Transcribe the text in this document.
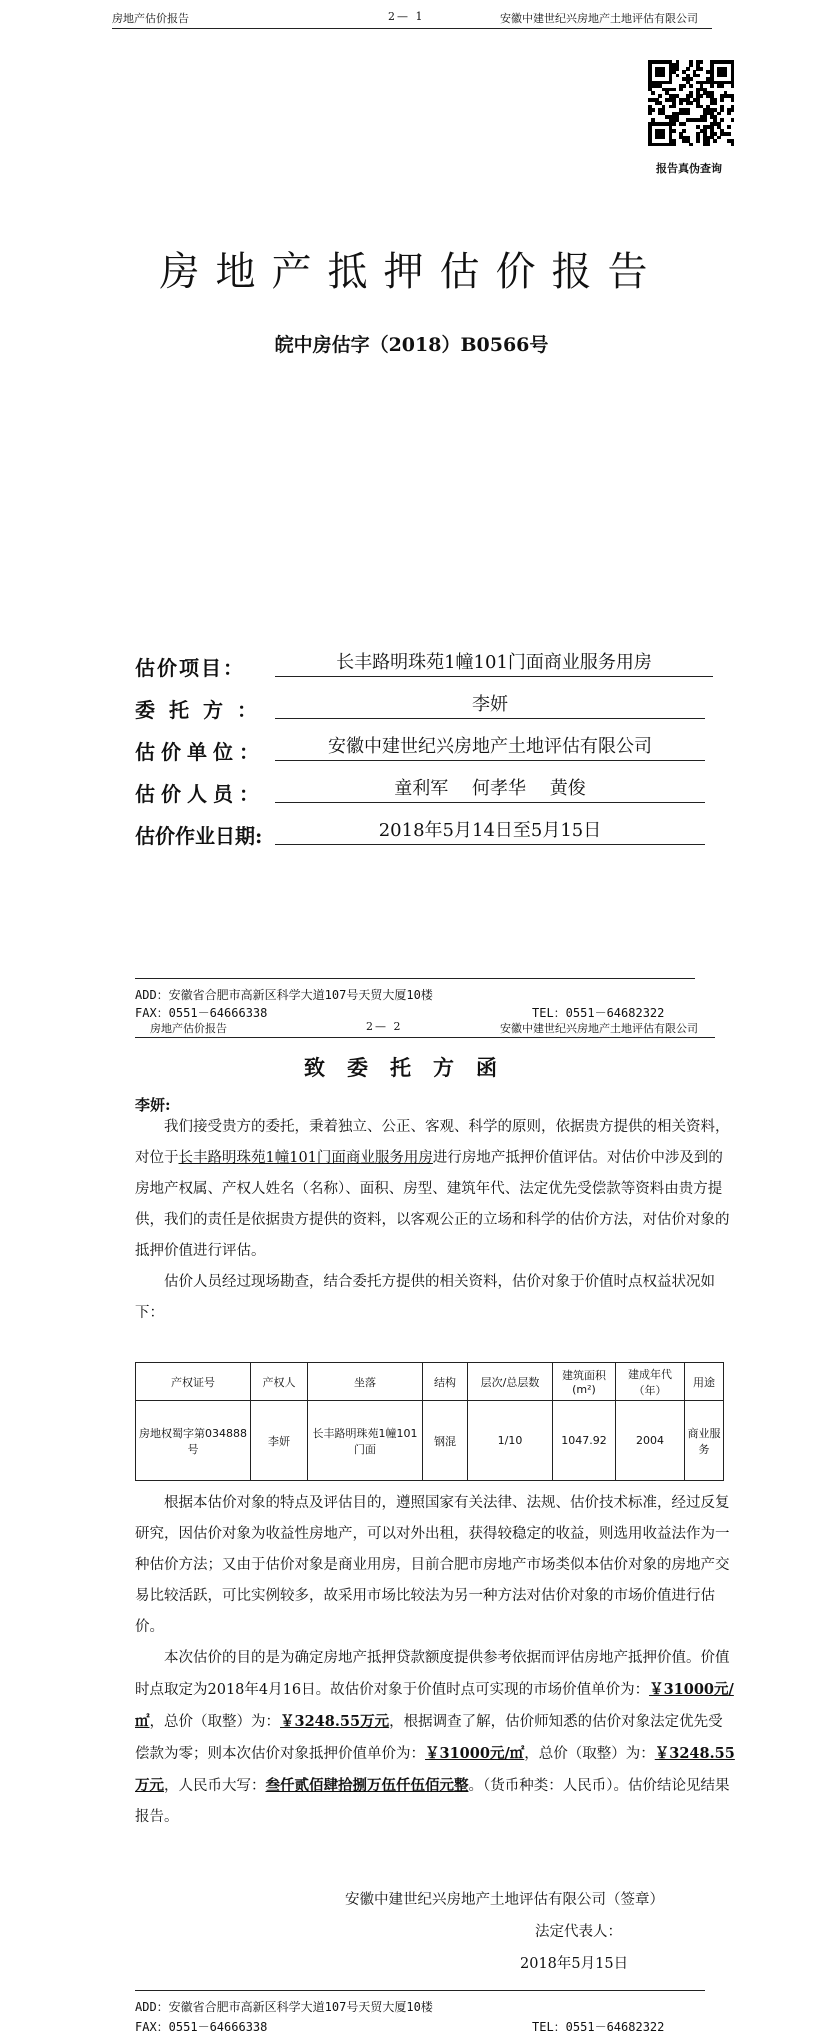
房地产估价报告	2— 1	安徽中建世纪兴房地产土地评估有限公司
报告真伪查询
房地产抵押估价报告
皖中房估字（2018）B0566号
估价项目：	长丰路明珠苑1幢101门面商业服务用房
委托方：	李妍
估价单位：	安徽中建世纪兴房地产土地评估有限公司
估价人员：	童利军　 何孝华　 黄俊
估价作业日期:	2018年5月14日至5月15日
ADD：安徽省合肥市高新区科学大道107号天贸大厦10楼
FAX：0551－64666338	TEL：0551－64682322
房地产估价报告	2— 2	安徽中建世纪兴房地产土地评估有限公司
致委托方函
李妍:

我们接受贵方的委托，秉着独立、公正、客观、科学的原则，依据贵方提供的相关资料，对位于长丰路明珠苑1幢101门面商业服务用房进行房地产抵押价值评估。对估价中涉及到的房地产权属、产权人姓名（名称）、面积、房型、建筑年代、法定优先受偿款等资料由贵方提供，我们的责任是依据贵方提供的资料，以客观公正的立场和科学的估价方法，对估价对象的抵押价值进行评估。

估价人员经过现场勘查，结合委托方提供的相关资料，估价对象于价值时点权益状况如下：

产权证号	产权人	坐落	结构	层次/总层数	建筑面积(m²)	建成年代（年）	用途
房地权蜀字第034888号	李妍	长丰路明珠苑1幢101门面	钢混	1/10	1047.92	2004	商业服务

根据本估价对象的特点及评估目的，遵照国家有关法律、法规、估价技术标准，经过反复研究，因估价对象为收益性房地产，可以对外出租，获得较稳定的收益，则选用收益法作为一种估价方法；又由于估价对象是商业用房，目前合肥市房地产市场类似本估价对象的房地产交易比较活跃，可比实例较多，故采用市场比较法为另一种方法对估价对象的市场价值进行估价。

本次估价的目的是为确定房地产抵押贷款额度提供参考依据而评估房地产抵押价值。价值时点取定为2018年4月16日。故估价对象于价值时点可实现的市场价值单价为：￥31000元/㎡，总价（取整）为：￥3248.55万元，根据调查了解，估价师知悉的估价对象法定优先受偿款为零；则本次估价对象抵押价值单价为：￥31000元/㎡，总价（取整）为：￥3248.55万元，人民币大写：叁仟贰佰肆拾捌万伍仟伍佰元整。（货币种类：人民币）。估价结论见结果报告。

安徽中建世纪兴房地产土地评估有限公司（签章）
法定代表人：
2018年5月15日
ADD：安徽省合肥市高新区科学大道107号天贸大厦10楼
FAX：0551－64666338	TEL：0551－64682322
